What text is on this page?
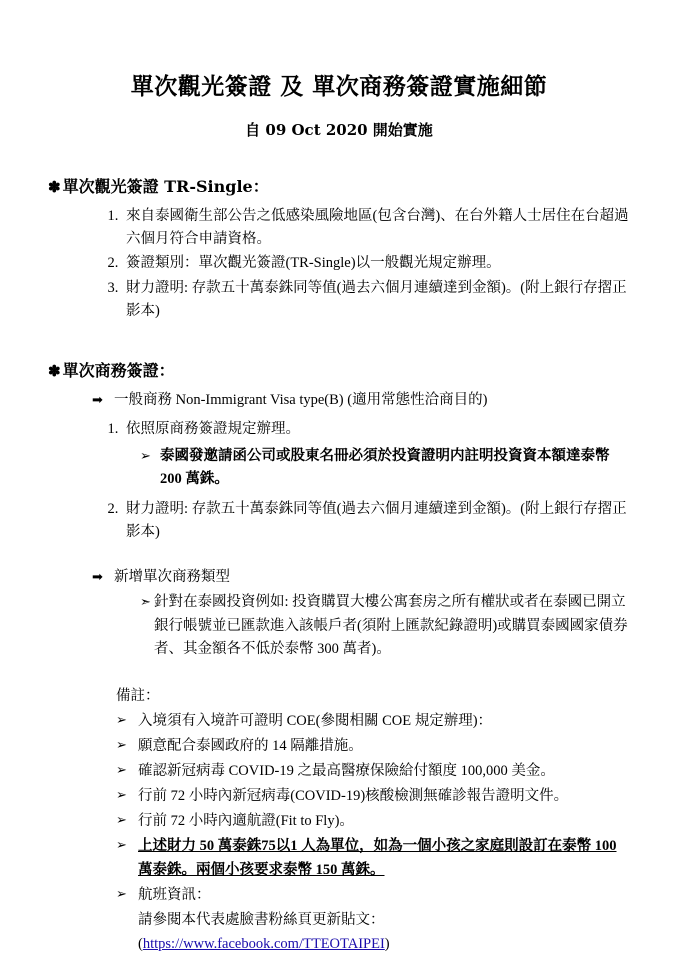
單次觀光簽證 及 單次商務簽證實施細節
自 09 Oct 2020 開始實施
✽ 單次觀光簽證 TR-Single：
1. 來自泰國衛生部公告之低感染風險地區(包含台灣)、在台外籍人士居住在台超過六個月符合申請資格。
2. 簽證類別：單次觀光簽證(TR-Single)以一般觀光規定辦理。
3. 財力證明: 存款五十萬泰銖同等值(過去六個月連續達到金額)。(附上銀行存摺正影本)
✽ 單次商務簽證：
➡ 一般商務 Non-Immigrant Visa type(B) (適用常態性洽商目的)
1. 依照原商務簽證規定辦理。
➢ 泰國發邀請函公司或股東名冊必須於投資證明内註明投資資本額達泰幣 200 萬銖。
2. 財力證明: 存款五十萬泰銖同等值(過去六個月連續達到金額)。(附上銀行存摺正影本)
➡ 新增單次商務類型
➣ 針對在泰國投資例如: 投資購買大樓公寓套房之所有權狀或者在泰國已開立銀行帳號並已匯款進入該帳戶者(須附上匯款紀錄證明)或購買泰國國家債券者、其金額各不低於泰幣 300 萬者)。
備註：
➢ 入境須有入境許可證明 COE(參閱相關 COE 規定辦理)：
➢ 願意配合泰國政府的 14 隔離措施。
➢ 確認新冠病毒 COVID-19 之最高醫療保險給付額度 100,000 美金。
➢ 行前 72 小時內新冠病毒(COVID-19)核酸檢測無確診報告證明文件。
➢ 行前 72 小時內適航證(Fit to Fly)。
➢ 上述財力 50 萬泰銖75以1 人為單位，如為一個小孩之家庭則設訂在泰幣 100 萬泰銖。兩個小孩要求泰幣 150 萬銖。
➢ 航班資訊：
請參閱本代表處臉書粉絲頁更新貼文：(https://www.facebook.com/TTEOTAIPEI)
